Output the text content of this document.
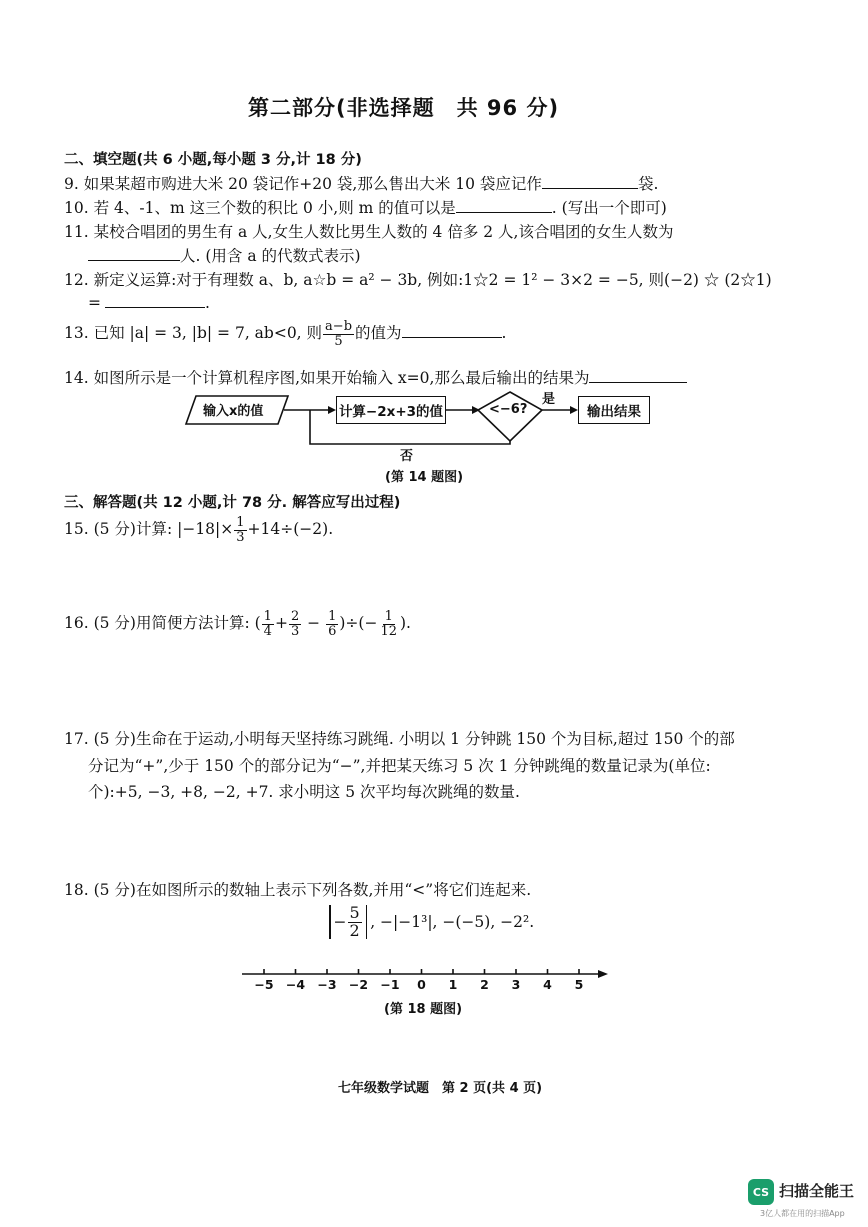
第二部分(非选择题　共 96 分)
二、填空题(共 6 小题,每小题 3 分,计 18 分)
9. 如果某超市购进大米 20 袋记作+20 袋,那么售出大米 10 袋应记作	袋.
10. 若 4、-1、m 这三个数的积比 0 小,则 m 的值可以是	. (写出一个即可)
11. 某校合唱团的男生有 a 人,女生人数比男生人数的 4 倍多 2 人,该合唱团的女生人数为
人. (用含 a 的代数式表示)
12. 新定义运算:对于有理数 a、b, a☆b = a² − 3b, 例如:1☆2 = 1² − 3×2 = −5, 则(−2) ☆ (2☆1)
=	.
13. 已知 |a| = 3, |b| = 7, ab<0, 则 $\frac{a-b}{5}$ 的值为	.
14. 如图所示是一个计算机程序图,如果开始输入 x=0,那么最后输出的结果为
输入x的值	计算−2x+3的值	<−6?
是
输出结果
否
(第 14 题图)
三、解答题(共 12 小题,计 78 分. 解答应写出过程)
15. (5 分)计算: $|-18|\times \frac{1}{3} +14\div(-2)$.
16. (5 分)用简便方法计算: ( $\frac{1}{4} + \frac{2}{3} - \frac{1}{6}$ )÷(− $\frac{1}{12}$ ).
17. (5 分)生命在于运动,小明每天坚持练习跳绳. 小明以 1 分钟跳 150 个为目标,超过 150 个的部
分记为“+”,少于 150 个的部分记为“−”,并把某天练习 5 次 1 分钟跳绳的数量记录为(单位:
个):+5, −3, +8, −2, +7. 求小明这 5 次平均每次跳绳的数量.
18. (5 分)在如图所示的数轴上表示下列各数,并用“<”将它们连起来.
− $\frac{5}{2}$ , −|−1³|, −(−5), −2².
−5 −4 −3 −2 −1 0 1 2 3 4 5
(第 18 题图)
七年级数学试题　第 2 页(共 4 页)
CS 扫描全能王
3亿人都在用的扫描App
